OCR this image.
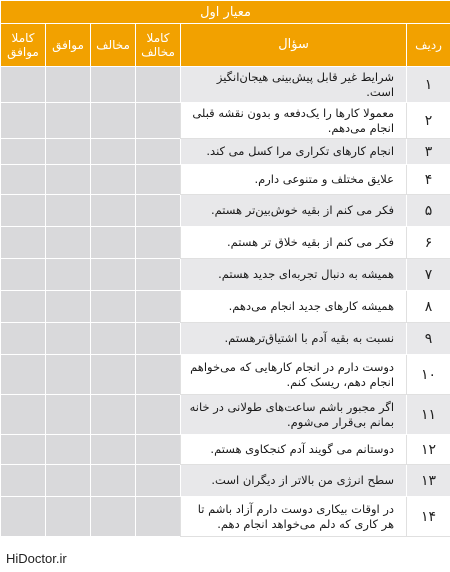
معیار اول					
ردیف	سؤال	کاملا مخالف	مخالف	موافق	کاملا موافق
۱	شرایط غیر قابل پیش‌بینی هیجان‌انگیز است.				
۲	معمولا کارها را یک‌دفعه و بدون نقشه قبلی انجام می‌دهم.				
۳	انجام کارهای تکراری مرا کسل می کند.				
۴	علایق مختلف و متنوعی دارم.				
۵	فکر می کنم از بقیه خوش‌بین‌تر هستم.				
۶	فکر می کنم از بقیه خلاق تر هستم.				
۷	همیشه به دنبال تجربه‌ای جدید هستم.				
۸	همیشه کارهای جدید انجام می‌دهم.				
۹	نسبت به بقیه آدم با اشتیاق‌ترهستم.				
۱۰	دوست دارم در انجام کارهایی که می‌خواهم انجام دهم، ریسک کنم.				
۱۱	اگر مجبور باشم ساعت‌های طولانی در خانه بمانم بی‌قرار می‌شوم.				
۱۲	دوستانم می گویند آدم کنجکاوی هستم.				
۱۳	سطح انرژی من بالاتر از دیگران است.				
۱۴	در اوقات بیکاری دوست دارم آزاد باشم تا هر کاری که دلم می‌خواهد انجام دهم.				
HiDoctor.ir
